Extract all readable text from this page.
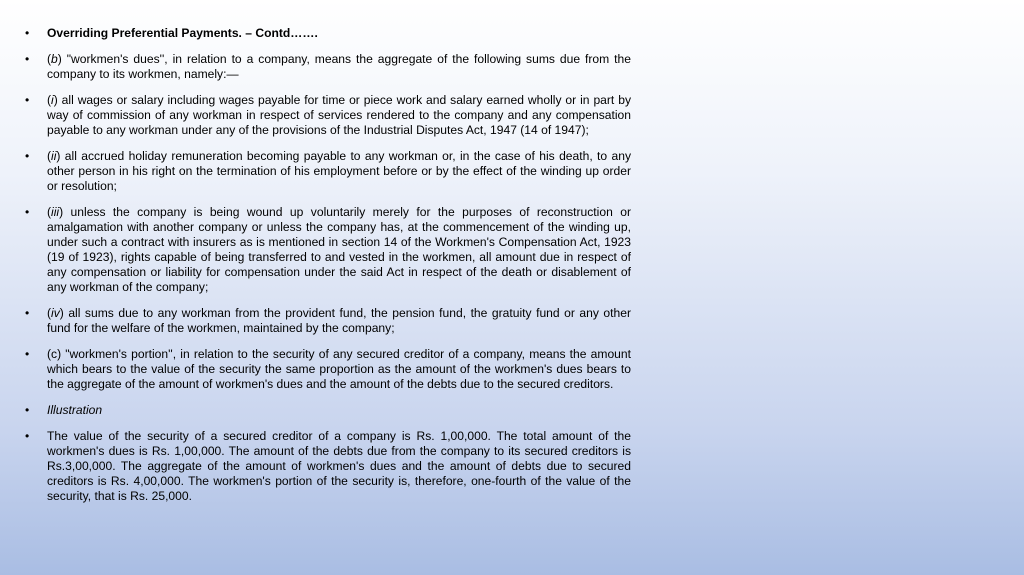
• Overriding Preferential Payments. – Contd…….
• (b) "workmen's dues'', in relation to a company, means the aggregate of the following sums due from the company to its workmen, namely:—
• (i) all wages or salary including wages payable for time or piece work and salary earned wholly or in part by way of commission of any workman in respect of services rendered to the company and any compensation payable to any workman under any of the provisions of the Industrial Disputes Act, 1947 (14 of 1947);
• (ii) all accrued holiday remuneration becoming payable to any workman or, in the case of his death, to any other person in his right on the termination of his employment before or by the effect of the winding up order or resolution;
• (iii) unless the company is being wound up voluntarily merely for the purposes of reconstruction or amalgamation with another company or unless the company has, at the commencement of the winding up, under such a contract with insurers as is mentioned in section 14 of the Workmen's Compensation Act, 1923 (19 of 1923), rights capable of being transferred to and vested in the workmen, all amount due in respect of any compensation or liability for compensation under the said Act in respect of the death or disablement of any workman of the company;
• (iv) all sums due to any workman from the provident fund, the pension fund, the gratuity fund or any other fund for the welfare of the workmen, maintained by the company;
• (c) "workmen's portion'', in relation to the security of any secured creditor of a company, means the amount which bears to the value of the security the same proportion as the amount of the workmen's dues bears to the aggregate of the amount of workmen's dues and the amount of the debts due to the secured creditors.
• Illustration
• The value of the security of a secured creditor of a company is Rs. 1,00,000. The total amount of the workmen's dues is Rs. 1,00,000. The amount of the debts due from the company to its secured creditors is Rs.3,00,000. The aggregate of the amount of workmen's dues and the amount of debts due to secured creditors is Rs. 4,00,000. The workmen's portion of the security is, therefore, one-fourth of the value of the security, that is Rs. 25,000.
